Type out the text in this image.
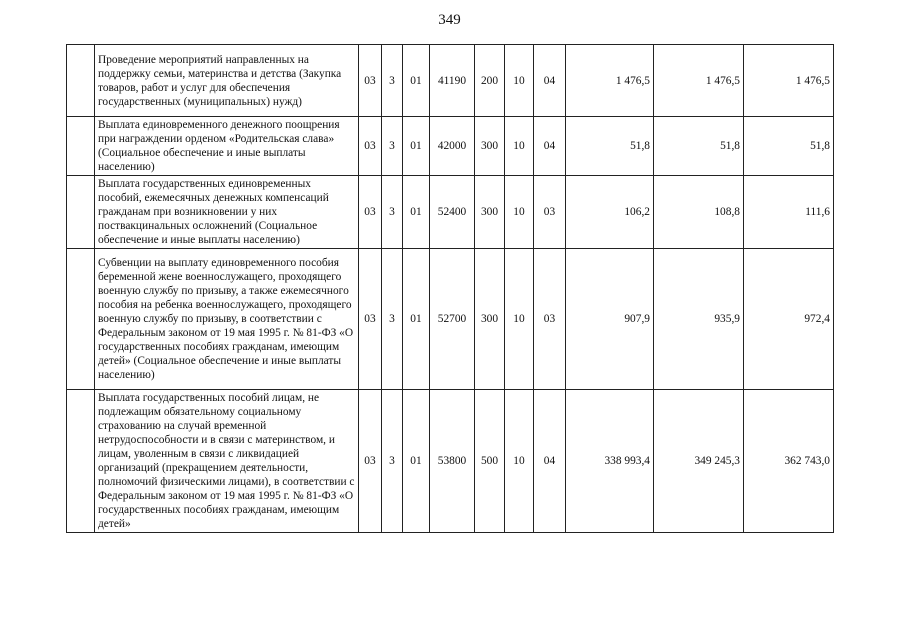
349
	Проведение мероприятий направленных на поддержку семьи, материнства и детства (Закупка товаров, работ и услуг для обеспечения государственных (муниципальных) нужд)	03	3	01	41190	200	10	04	1 476,5	1 476,5	1 476,5
	Выплата единовременного денежного поощрения при награждении орденом «Родительская слава» (Социальное обеспечение и иные выплаты населению)	03	3	01	42000	300	10	04	51,8	51,8	51,8
	Выплата государственных единовременных пособий, ежемесячных денежных компенсаций гражданам при возникновении у них поствакцинальных осложнений (Социальное обеспечение и иные выплаты населению)	03	3	01	52400	300	10	03	106,2	108,8	111,6
	Субвенции на выплату единовременного пособия беременной жене военнослужащего, проходящего военную службу по призыву, а также ежемесячного пособия на ребенка военнослужащего, проходящего военную службу по призыву, в соответствии с Федеральным законом от 19 мая 1995 г. № 81-ФЗ «О государственных пособиях гражданам, имеющим детей» (Социальное обеспечение и иные выплаты населению)	03	3	01	52700	300	10	03	907,9	935,9	972,4
	Выплата государственных пособий лицам, не подлежащим обязательному социальному страхованию на случай временной нетрудоспособности и в связи с материнством, и лицам, уволенным в связи с ликвидацией организаций (прекращением деятельности, полномочий физическими лицами), в соответствии с Федеральным законом от 19 мая 1995 г. № 81-ФЗ «О государственных пособиях гражданам, имеющим детей»	03	3	01	53800	500	10	04	338 993,4	349 245,3	362 743,0
